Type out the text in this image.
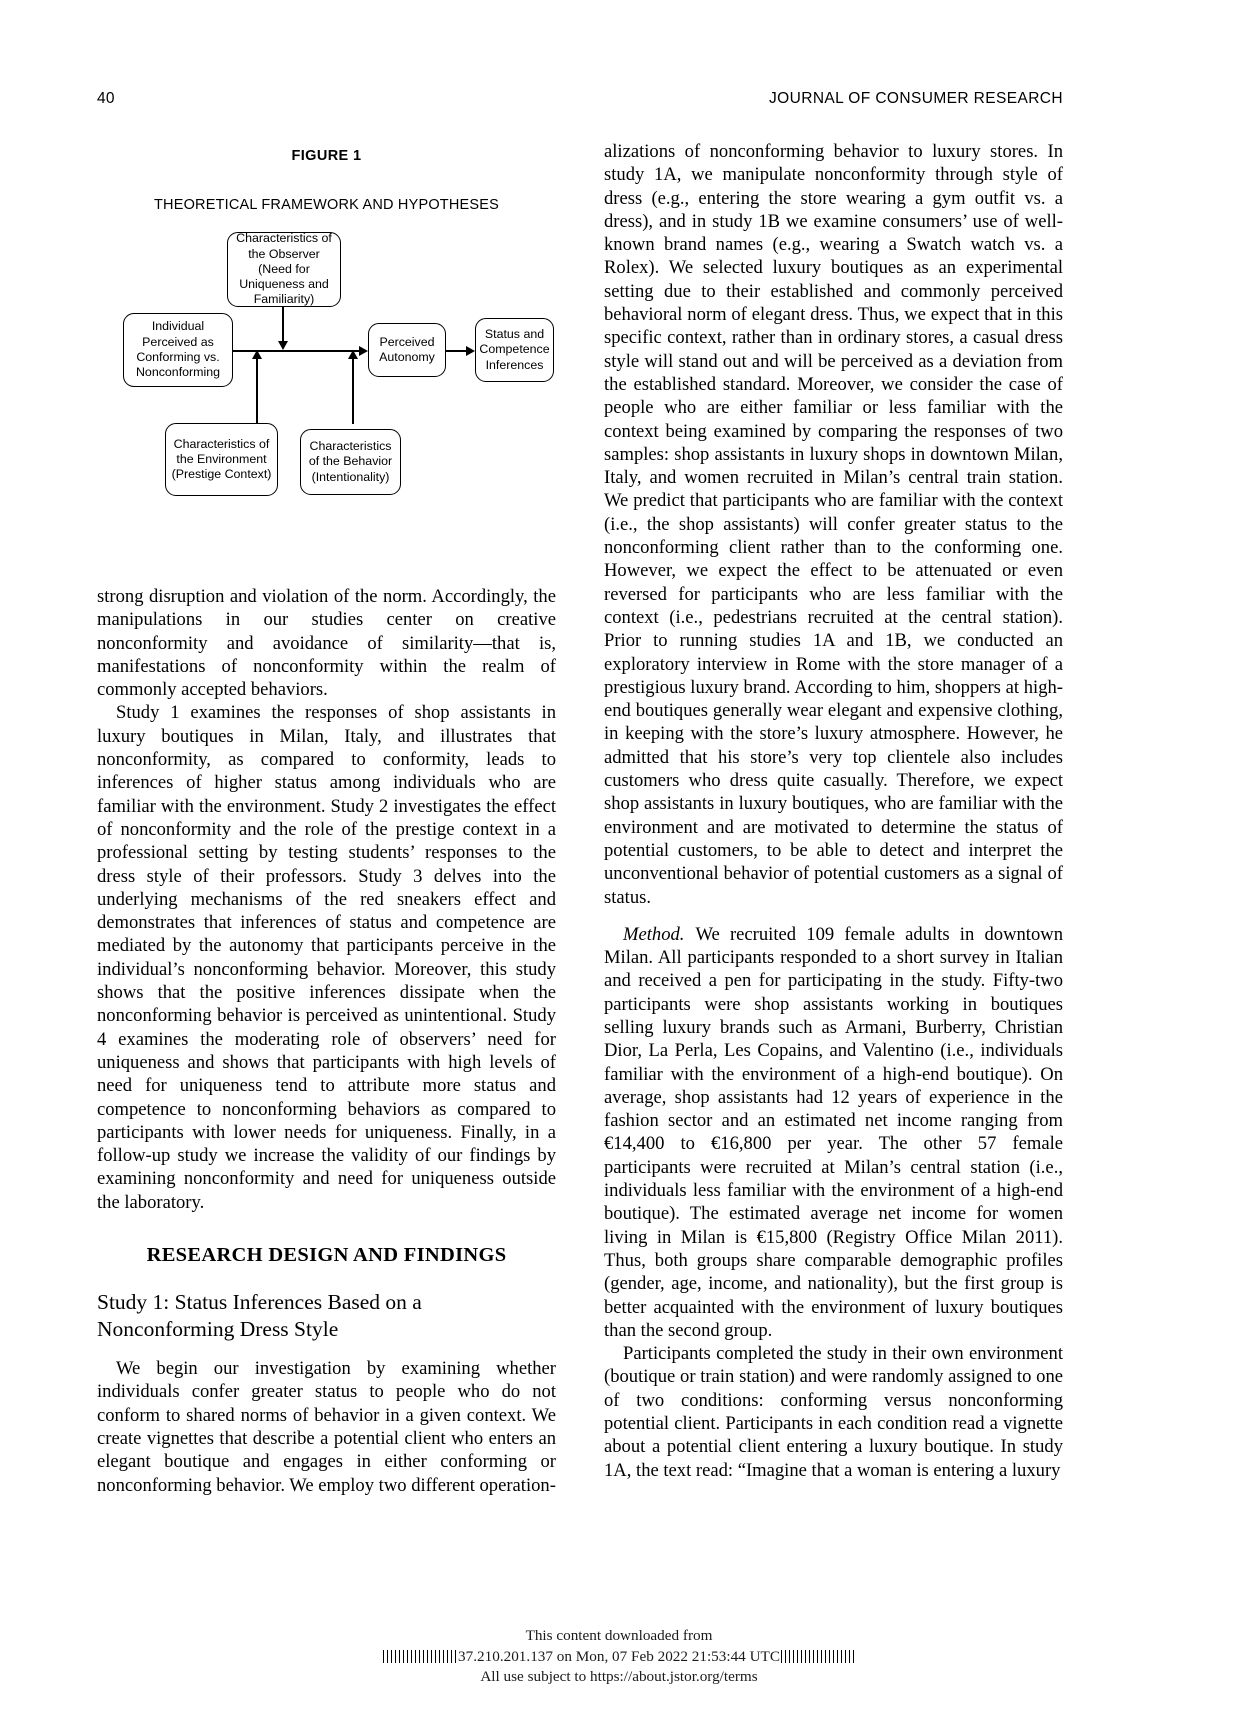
40	JOURNAL OF CONSUMER RESEARCH
FIGURE 1
THEORETICAL FRAMEWORK AND HYPOTHESES
Characteristics of the Observer (Need for Uniqueness and Familiarity)
Individual Perceived as Conforming vs. Nonconforming
Perceived Autonomy
Status and Competence Inferences
Characteristics of the Environment (Prestige Context)
Characteristics of the Behavior (Intentionality)

strong disruption and violation of the norm. Accordingly, the manipulations in our studies center on creative nonconformity and avoidance of similarity—that is, manifestations of nonconformity within the realm of commonly accepted behaviors.

Study 1 examines the responses of shop assistants in luxury boutiques in Milan, Italy, and illustrates that nonconformity, as compared to conformity, leads to inferences of higher status among individuals who are familiar with the environment. Study 2 investigates the effect of nonconformity and the role of the prestige context in a professional setting by testing students’ responses to the dress style of their professors. Study 3 delves into the underlying mechanisms of the red sneakers effect and demonstrates that inferences of status and competence are mediated by the autonomy that participants perceive in the individual’s nonconforming behavior. Moreover, this study shows that the positive inferences dissipate when the nonconforming behavior is perceived as unintentional. Study 4 examines the moderating role of observers’ need for uniqueness and shows that participants with high levels of need for uniqueness tend to attribute more status and competence to nonconforming behaviors as compared to participants with lower needs for uniqueness. Finally, in a follow-up study we increase the validity of our findings by examining nonconformity and need for uniqueness outside the laboratory.

RESEARCH DESIGN AND FINDINGS
Study 1: Status Inferences Based on a Nonconforming Dress Style

We begin our investigation by examining whether individuals confer greater status to people who do not conform to shared norms of behavior in a given context. We create vignettes that describe a potential client who enters an elegant boutique and engages in either conforming or nonconforming behavior. We employ two different operation-

alizations of nonconforming behavior to luxury stores. In study 1A, we manipulate nonconformity through style of dress (e.g., entering the store wearing a gym outfit vs. a dress), and in study 1B we examine consumers’ use of well-known brand names (e.g., wearing a Swatch watch vs. a Rolex). We selected luxury boutiques as an experimental setting due to their established and commonly perceived behavioral norm of elegant dress. Thus, we expect that in this specific context, rather than in ordinary stores, a casual dress style will stand out and will be perceived as a deviation from the established standard. Moreover, we consider the case of people who are either familiar or less familiar with the context being examined by comparing the responses of two samples: shop assistants in luxury shops in downtown Milan, Italy, and women recruited in Milan’s central train station. We predict that participants who are familiar with the context (i.e., the shop assistants) will confer greater status to the nonconforming client rather than to the conforming one. However, we expect the effect to be attenuated or even reversed for participants who are less familiar with the context (i.e., pedestrians recruited at the central station). Prior to running studies 1A and 1B, we conducted an exploratory interview in Rome with the store manager of a prestigious luxury brand. According to him, shoppers at high-end boutiques generally wear elegant and expensive clothing, in keeping with the store’s luxury atmosphere. However, he admitted that his store’s very top clientele also includes customers who dress quite casually. Therefore, we expect shop assistants in luxury boutiques, who are familiar with the environment and are motivated to determine the status of potential customers, to be able to detect and interpret the unconventional behavior of potential customers as a signal of status.

Method. We recruited 109 female adults in downtown Milan. All participants responded to a short survey in Italian and received a pen for participating in the study. Fifty-two participants were shop assistants working in boutiques selling luxury brands such as Armani, Burberry, Christian Dior, La Perla, Les Copains, and Valentino (i.e., individuals familiar with the environment of a high-end boutique). On average, shop assistants had 12 years of experience in the fashion sector and an estimated net income ranging from €14,400 to €16,800 per year. The other 57 female participants were recruited at Milan’s central station (i.e., individuals less familiar with the environment of a high-end boutique). The estimated average net income for women living in Milan is €15,800 (Registry Office Milan 2011). Thus, both groups share comparable demographic profiles (gender, age, income, and nationality), but the first group is better acquainted with the environment of luxury boutiques than the second group.

Participants completed the study in their own environment (boutique or train station) and were randomly assigned to one of two conditions: conforming versus nonconforming potential client. Participants in each condition read a vignette about a potential client entering a luxury boutique. In study 1A, the text read: “Imagine that a woman is entering a luxury

This content downloaded from
37.210.201.137 on Mon, 07 Feb 2022 21:53:44 UTC
All use subject to https://about.jstor.org/terms
